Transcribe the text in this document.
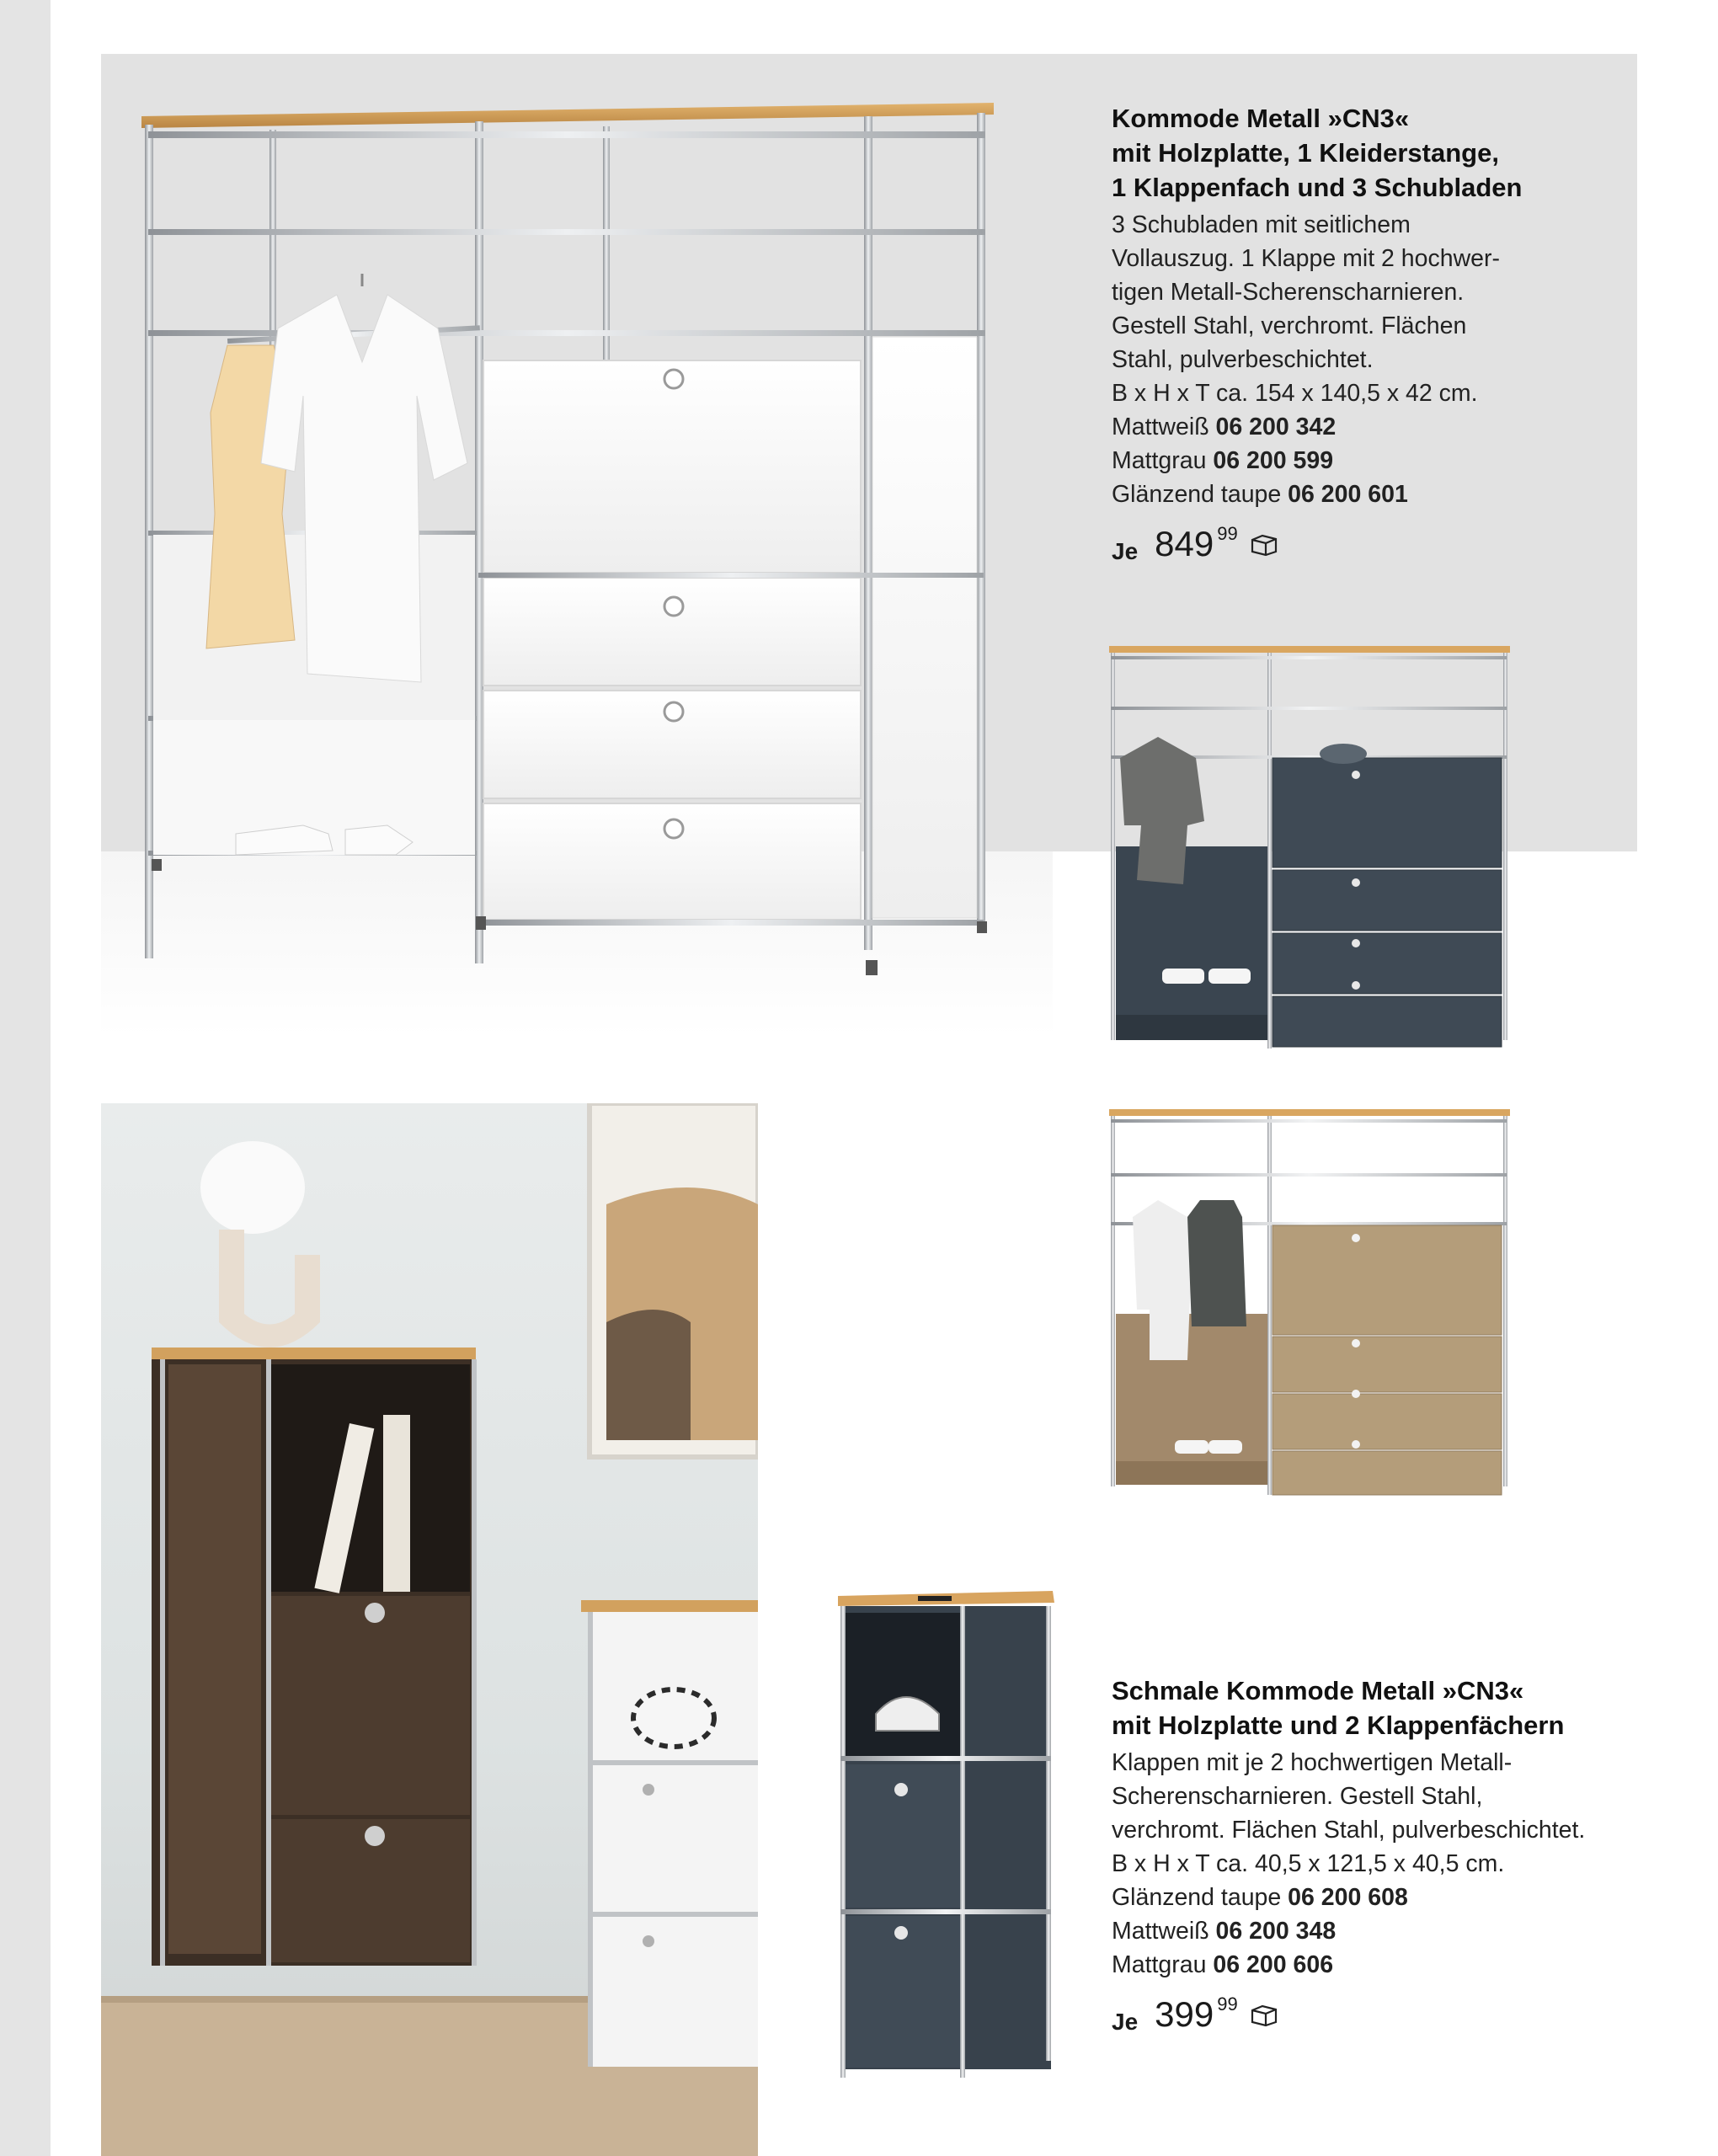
Kommode Metall »CN3«
mit Holzplatte, 1 Kleiderstange,
1 Klappenfach und 3 Schubladen
3 Schubladen mit seitlichem
Vollauszug. 1 Klappe mit 2 hochwer-
tigen Metall-Scherenscharnieren.
Gestell Stahl, verchromt. Flächen
Stahl, pulverbeschichtet.
B x H x T ca. 154 x 140,5 x 42 cm.
Mattweiß 06 200 342
Mattgrau 06 200 599
Glänzend taupe 06 200 601
Je 849 99
Schmale Kommode Metall »CN3«
mit Holzplatte und 2 Klappenfächern
Klappen mit je 2 hochwertigen Metall-
Scherenscharnieren. Gestell Stahl,
verchromt. Flächen Stahl, pulverbeschichtet.
B x H x T ca. 40,5 x 121,5 x 40,5 cm.
Glänzend taupe 06 200 608
Mattweiß 06 200 348
Mattgrau 06 200 606
Je 399 99
